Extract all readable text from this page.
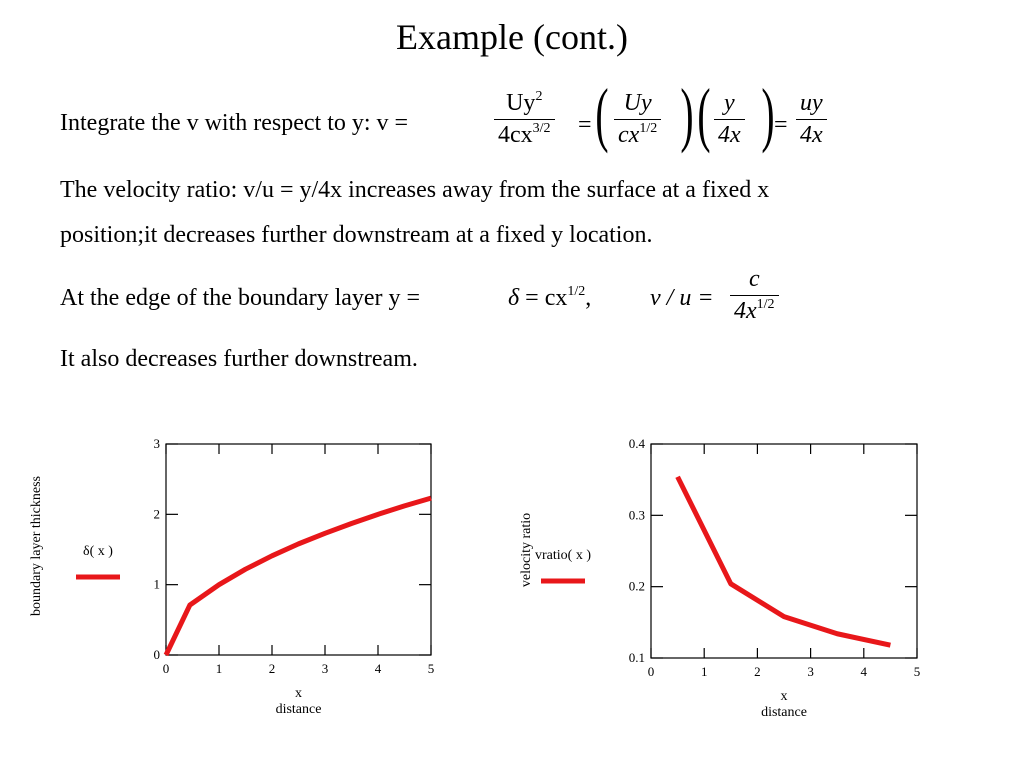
Example (cont.)
Integrate the v with respect to y: v =	$\frac{Uy^2}{4cx^{3/2}}$ = ( $\frac{Uy}{cx^{1/2}}$ ) ( $\frac{y}{4x}$ ) = $\frac{uy}{4x}$
The velocity ratio: v/u = y/4x increases away from the surface at a fixed x
position;it decreases further downstream at a fixed y location.
At the edge of the boundary layer y =	$\delta = cx^{1/2}$, $v / u = \frac{c}{4x^{1/2}}$
It also decreases further downstream.
0	1	2	3	4	5
0
1
2
3
x
distance
boundary layer thickness	δ( x )
0	1	2	3	4	5
0.1
0.2
0.3
0.4
x
distance
velocity ratio vratio( x )
